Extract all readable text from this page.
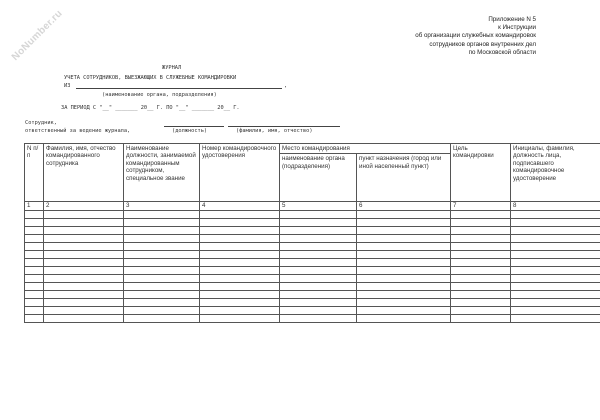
NoNumber.ru	Приложение N 5
к Инструкции
об организации служебных командировок
сотрудников органов внутренних дел
по Московской области
ЖУРНАЛ
УЧЕТА СОТРУДНИКОВ, ВЫЕЗЖАЮЩИХ В СЛУЖЕБНЫЕ КОМАНДИРОВКИ
ИЗ	,
(наименование органа, подразделения)
ЗА ПЕРИОД С "__" _______ 20__ Г. ПО "__" _______ 20__ Г.
Сотрудник,
ответственный за ведение журнала,	(должность)	(фамилия, имя, отчество)
N п/п	Фамилия, имя, отчество командированного сотрудника	Наименование должности, занимаемой командированным сотрудником, специальное звание	Номер командировочного удостоверения	Место командирования		Цель командировки	Инициалы, фамилия, должность лица, подписавшего командировочное удостоверение
				наименование органа (подразделения)	пункт назначения (город или иной населенный пункт)		
1	2	3	4	5	6	7	8
